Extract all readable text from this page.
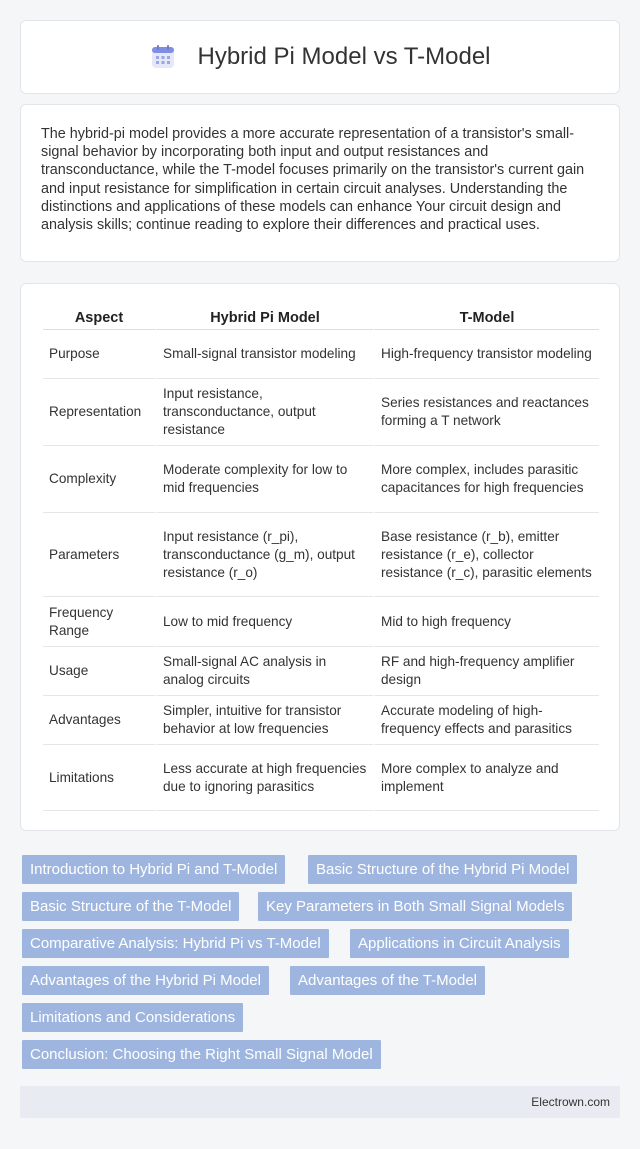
Hybrid Pi Model vs T-Model

The hybrid-pi model provides a more accurate representation of a transistor's small-signal behavior by incorporating both input and output resistances and transconductance, while the T-model focuses primarily on the transistor's current gain and input resistance for simplification in certain circuit analyses. Understanding the distinctions and applications of these models can enhance Your circuit design and analysis skills; continue reading to explore their differences and practical uses.

Aspect	Hybrid Pi Model	T-Model
Purpose	Small-signal transistor modeling	High-frequency transistor modeling
Representation	Input resistance, transconductance, output resistance	Series resistances and reactances forming a T network
Complexity	Moderate complexity for low to mid frequencies	More complex, includes parasitic capacitances for high frequencies
Parameters	Input resistance (r_pi), transconductance (g_m), output resistance (r_o)	Base resistance (r_b), emitter resistance (r_e), collector resistance (r_c), parasitic elements
Frequency Range	Low to mid frequency	Mid to high frequency
Usage	Small-signal AC analysis in analog circuits	RF and high-frequency amplifier design
Advantages	Simpler, intuitive for transistor behavior at low frequencies	Accurate modeling of high-frequency effects and parasitics
Limitations	Less accurate at high frequencies due to ignoring parasitics	More complex to analyze and implement
Introduction to Hybrid Pi and T-Model	Basic Structure of the Hybrid Pi Model
Basic Structure of the T-Model	Key Parameters in Both Small Signal Models
Comparative Analysis: Hybrid Pi vs T-Model	Applications in Circuit Analysis
Advantages of the Hybrid Pi Model	Advantages of the T-Model
Limitations and Considerations
Conclusion: Choosing the Right Small Signal Model
Electrown.com
